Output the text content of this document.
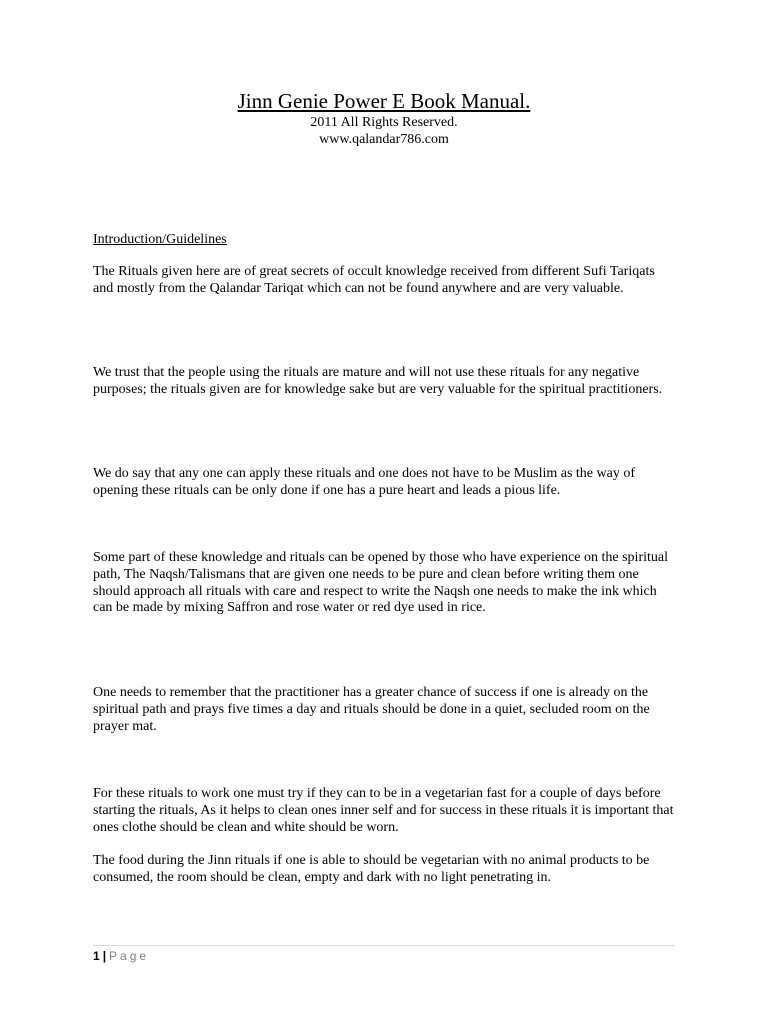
Jinn Genie Power E Book Manual.
2011 All Rights Reserved.
www.qalandar786.com
Introduction/Guidelines

The Rituals given here are of great secrets of occult knowledge received from different Sufi Tariqats and mostly from the Qalandar Tariqat which can not be found anywhere and are very valuable.

We trust that the people using the rituals are mature and will not use these rituals for any negative purposes; the rituals given are for knowledge sake but are very valuable for the spiritual practitioners.

We do say that any one can apply these rituals and one does not have to be Muslim as the way of opening these rituals can be only done if one has a pure heart and leads a pious life.

Some part of these knowledge and rituals can be opened by those who have experience on the spiritual path, The Naqsh/Talismans that are given one needs to be pure and clean before writing them one should approach all rituals with care and respect to write the Naqsh one needs to make the ink which can be made by mixing Saffron and rose water or red dye used in rice.

One needs to remember that the practitioner has a greater chance of success if one is already on the spiritual path and prays five times a day and rituals should be done in a quiet, secluded room on the prayer mat.

For these rituals to work one must try if they can to be in a vegetarian fast for a couple of days before starting the rituals, As it helps to clean ones inner self and for success in these rituals it is important that ones clothe should be clean and white should be worn.

The food during the Jinn rituals if one is able to should be vegetarian with no animal products to be consumed, the room should be clean, empty and dark with no light penetrating in.

1 | Page
